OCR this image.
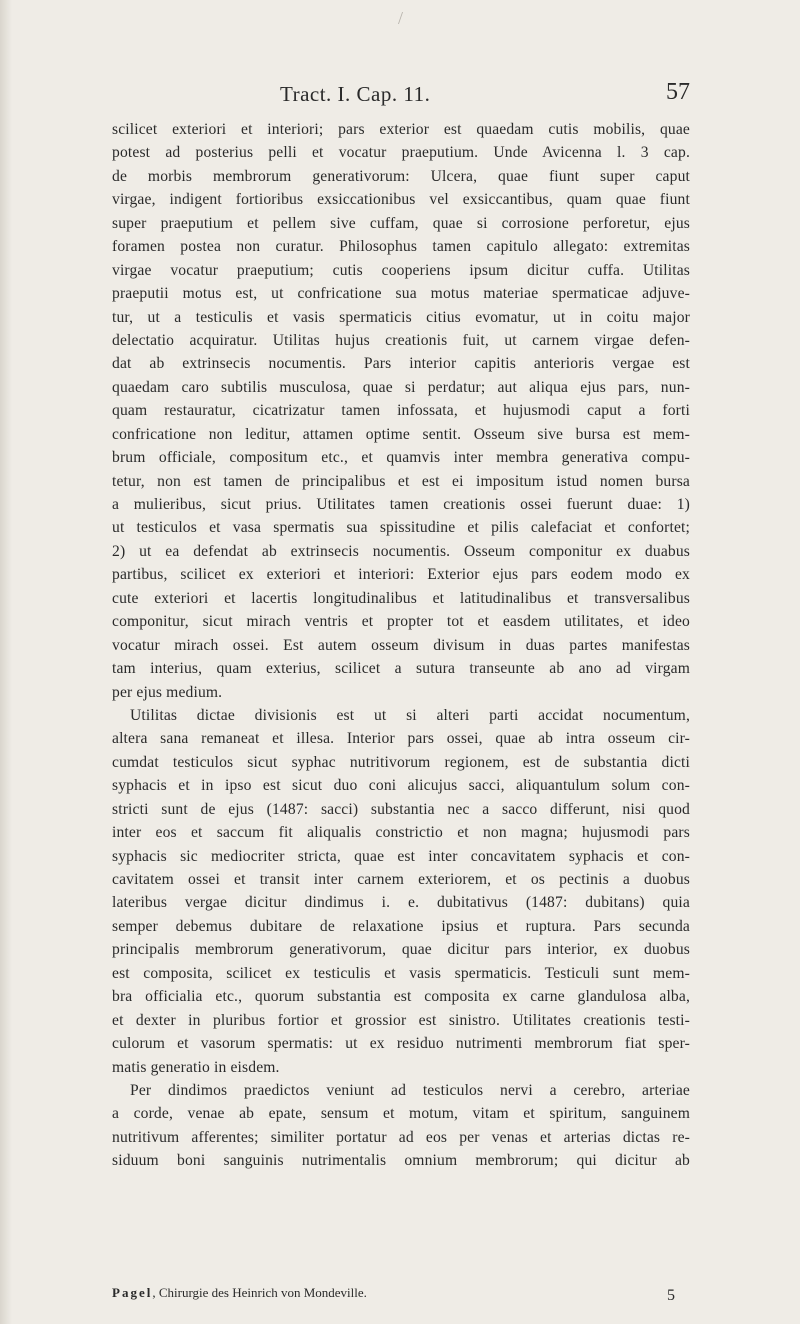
/
Tract. I. Cap. 11.	57
scilicet exteriori et interiori; pars exterior est quaedam cutis mobilis, quae
potest ad posterius pelli et vocatur praeputium. Unde Avicenna l. 3 cap.
de morbis membrorum generativorum: Ulcera, quae fiunt super caput
virgae, indigent fortioribus exsiccationibus vel exsiccantibus, quam quae fiunt
super praeputium et pellem sive cuffam, quae si corrosione perforetur, ejus
foramen postea non curatur. Philosophus tamen capitulo allegato: extremitas
virgae vocatur praeputium; cutis cooperiens ipsum dicitur cuffa. Utilitas
praeputii motus est, ut confricatione sua motus materiae spermaticae adjuve-
tur, ut a testiculis et vasis spermaticis citius evomatur, ut in coitu major
delectatio acquiratur. Utilitas hujus creationis fuit, ut carnem virgae defen-
dat ab extrinsecis nocumentis. Pars interior capitis anterioris vergae est
quaedam caro subtilis musculosa, quae si perdatur; aut aliqua ejus pars, nun-
quam restauratur, cicatrizatur tamen infossata, et hujusmodi caput a forti
confricatione non leditur, attamen optime sentit. Osseum sive bursa est mem-
brum officiale, compositum etc., et quamvis inter membra generativa compu-
tetur, non est tamen de principalibus et est ei impositum istud nomen bursa
a mulieribus, sicut prius. Utilitates tamen creationis ossei fuerunt duae: 1)
ut testiculos et vasa spermatis sua spissitudine et pilis calefaciat et confortet;
2) ut ea defendat ab extrinsecis nocumentis. Osseum componitur ex duabus
partibus, scilicet ex exteriori et interiori: Exterior ejus pars eodem modo ex
cute exteriori et lacertis longitudinalibus et latitudinalibus et transversalibus
componitur, sicut mirach ventris et propter tot et easdem utilitates, et ideo
vocatur mirach ossei. Est autem osseum divisum in duas partes manifestas
tam interius, quam exterius, scilicet a sutura transeunte ab ano ad virgam
per ejus medium.
Utilitas dictae divisionis est ut si alteri parti accidat nocumentum,
altera sana remaneat et illesa. Interior pars ossei, quae ab intra osseum cir-
cumdat testiculos sicut syphac nutritivorum regionem, est de substantia dicti
syphacis et in ipso est sicut duo coni alicujus sacci, aliquantulum solum con-
stricti sunt de ejus (1487: sacci) substantia nec a sacco differunt, nisi quod
inter eos et saccum fit aliqualis constrictio et non magna; hujusmodi pars
syphacis sic mediocriter stricta, quae est inter concavitatem syphacis et con-
cavitatem ossei et transit inter carnem exteriorem, et os pectinis a duobus
lateribus vergae dicitur dindimus i. e. dubitativus (1487: dubitans) quia
semper debemus dubitare de relaxatione ipsius et ruptura. Pars secunda
principalis membrorum generativorum, quae dicitur pars interior, ex duobus
est composita, scilicet ex testiculis et vasis spermaticis. Testiculi sunt mem-
bra officialia etc., quorum substantia est composita ex carne glandulosa alba,
et dexter in pluribus fortior et grossior est sinistro. Utilitates creationis testi-
culorum et vasorum spermatis: ut ex residuo nutrimenti membrorum fiat sper-
matis generatio in eisdem.
Per dindimos praedictos veniunt ad testiculos nervi a cerebro, arteriae
a corde, venae ab epate, sensum et motum, vitam et spiritum, sanguinem
nutritivum afferentes; similiter portatur ad eos per venas et arterias dictas re-
siduum boni sanguinis nutrimentalis omnium membrorum; qui dicitur ab
Pagel, Chirurgie des Heinrich von Mondeville.	5
